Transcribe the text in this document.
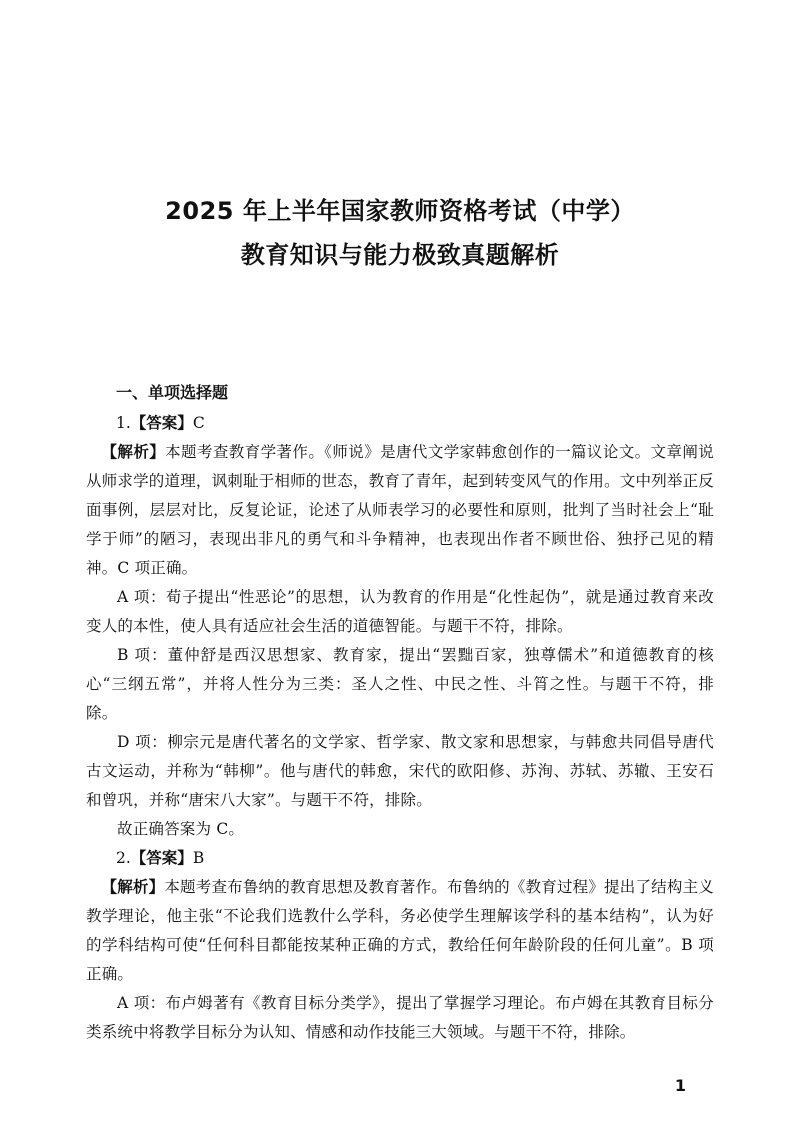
2025 年上半年国家教师资格考试（中学）
教育知识与能力极致真题解析
一、单项选择题
1.【答案】C

【解析】本题考查教育学著作。《师说》是唐代文学家韩愈创作的一篇议论文。文章阐说从师求学的道理，讽刺耻于相师的世态，教育了青年，起到转变风气的作用。文中列举正反面事例，层层对比，反复论证，论述了从师表学习的必要性和原则，批判了当时社会上“耻学于师”的陋习，表现出非凡的勇气和斗争精神，也表现出作者不顾世俗、独抒己见的精神。C 项正确。

A 项：荀子提出“性恶论”的思想，认为教育的作用是“化性起伪”，就是通过教育来改变人的本性，使人具有适应社会生活的道德智能。与题干不符，排除。

B 项：董仲舒是西汉思想家、教育家，提出“罢黜百家，独尊儒术”和道德教育的核心“三纲五常”，并将人性分为三类：圣人之性、中民之性、斗筲之性。与题干不符，排除。

D 项：柳宗元是唐代著名的文学家、哲学家、散文家和思想家，与韩愈共同倡导唐代古文运动，并称为“韩柳”。他与唐代的韩愈，宋代的欧阳修、苏洵、苏轼、苏辙、王安石和曾巩，并称“唐宋八大家”。与题干不符，排除。

故正确答案为 C。

2.【答案】B

【解析】本题考查布鲁纳的教育思想及教育著作。布鲁纳的《教育过程》提出了结构主义教学理论，他主张“不论我们选教什么学科，务必使学生理解该学科的基本结构”，认为好的学科结构可使“任何科目都能按某种正确的方式，教给任何年龄阶段的任何儿童”。B 项正确。

A 项：布卢姆著有《教育目标分类学》，提出了掌握学习理论。布卢姆在其教育目标分类系统中将教学目标分为认知、情感和动作技能三大领域。与题干不符，排除。

1
